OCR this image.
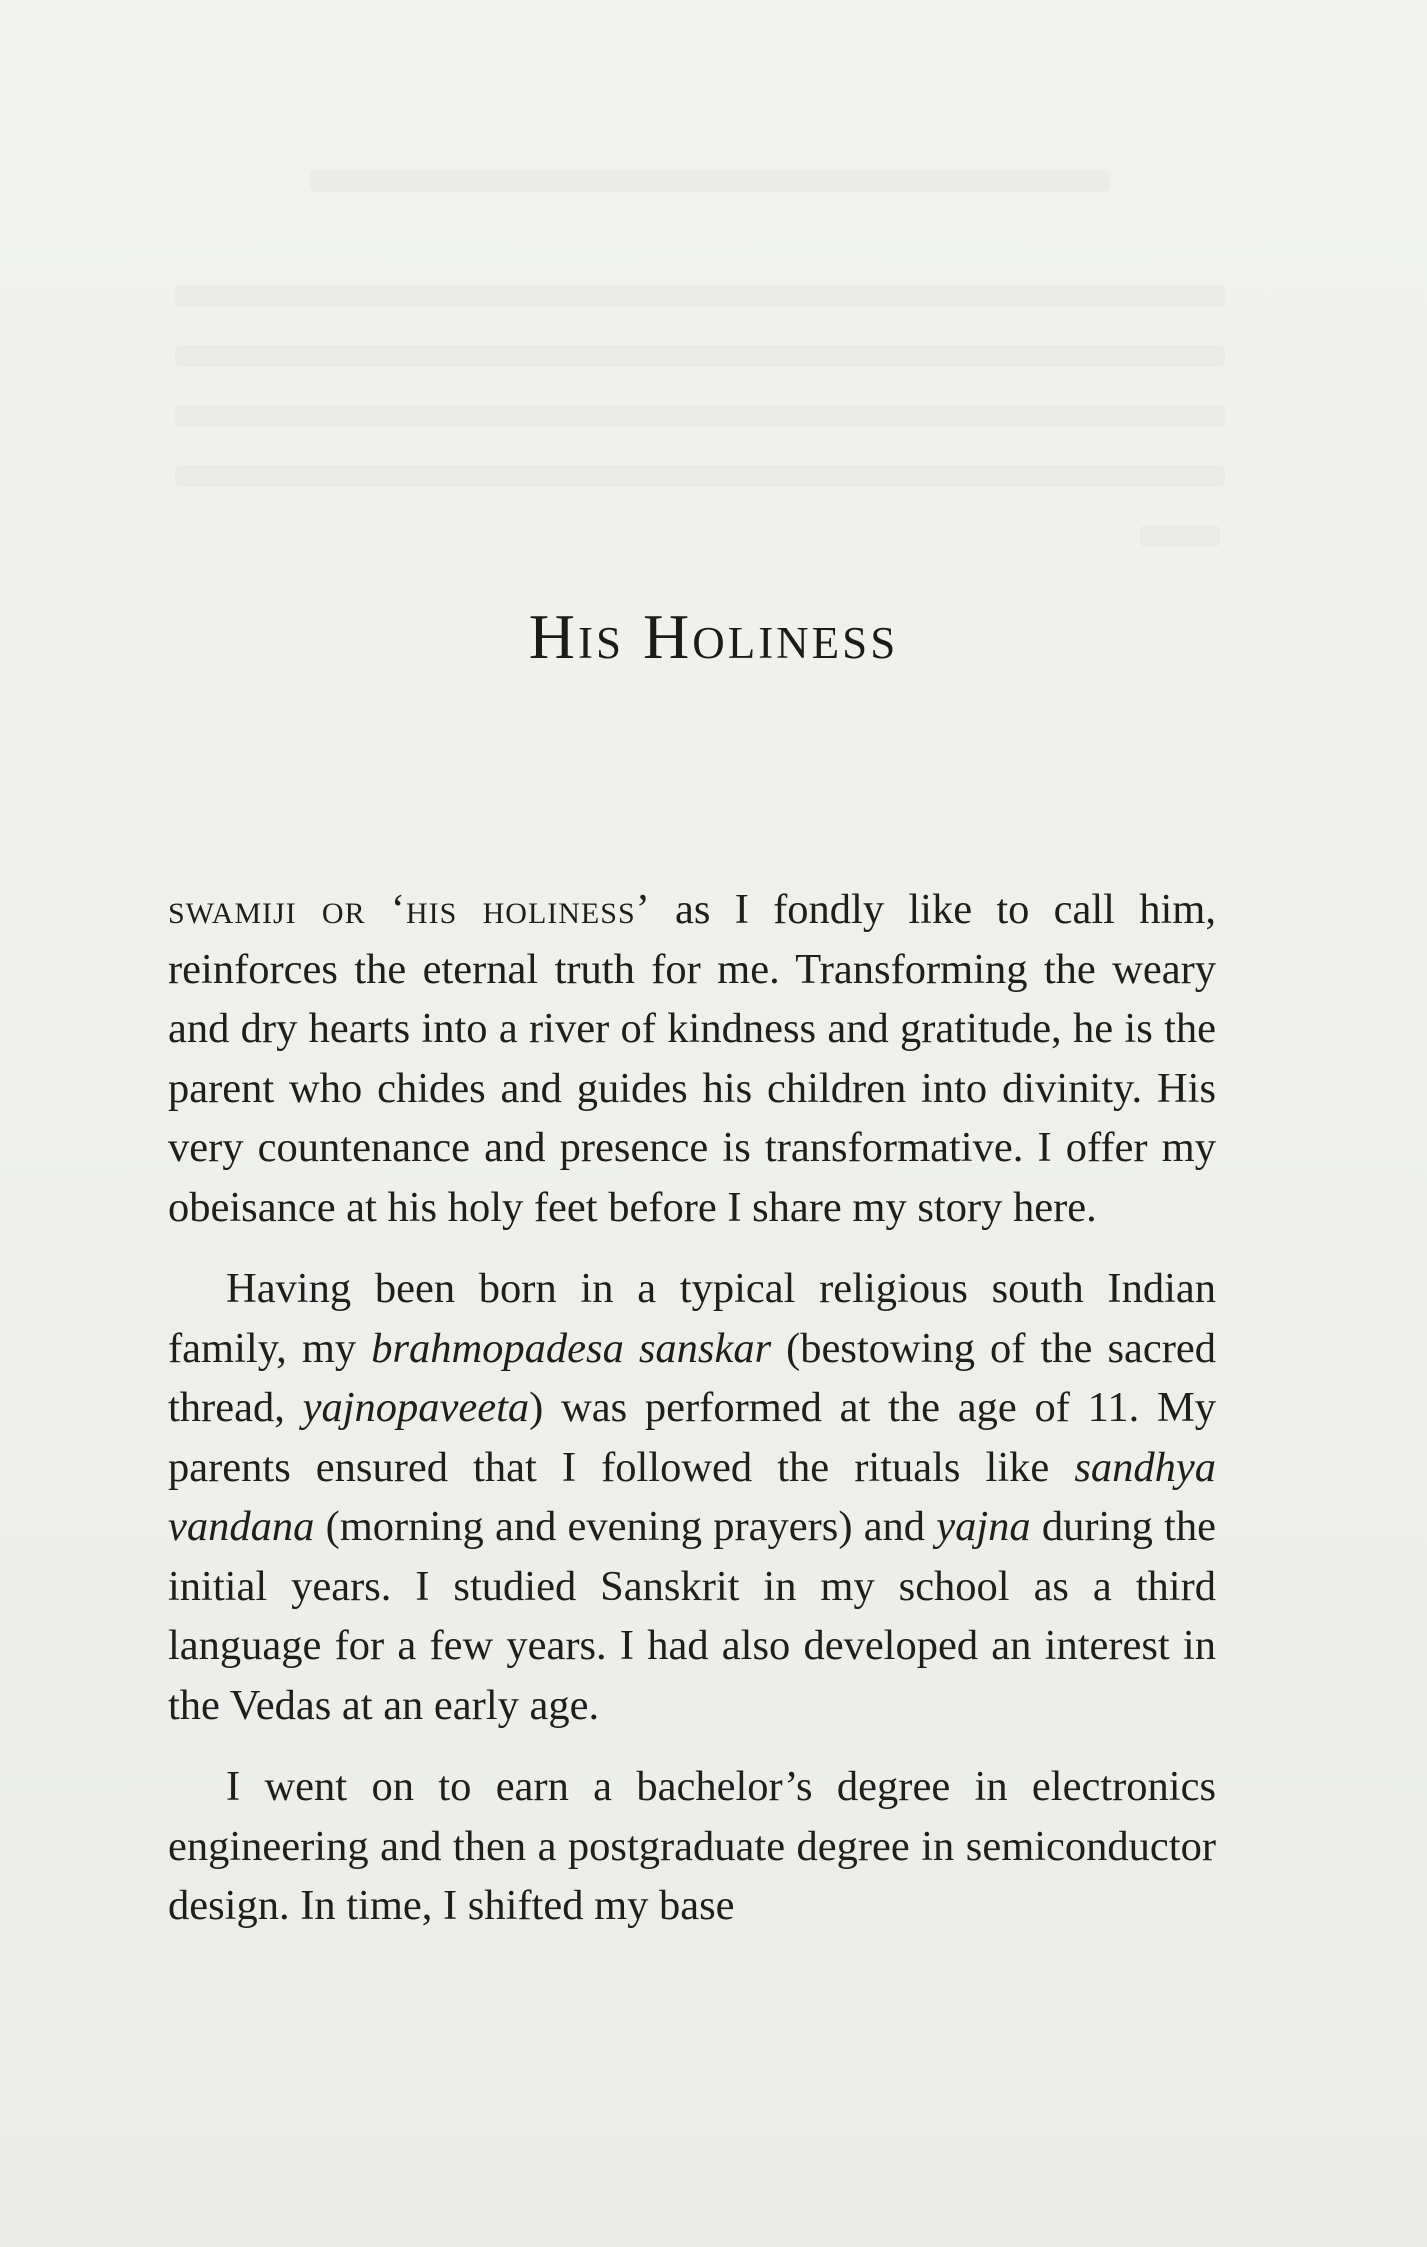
His Holiness

swamiji or ‘his holiness’ as I fondly like to call him, reinforces the eternal truth for me. Transforming the weary and dry hearts into a river of kindness and gratitude, he is the parent who chides and guides his children into divinity. His very countenance and presence is transformative. I offer my obeisance at his holy feet before I share my story here.

Having been born in a typical religious south Indian family, my brahmopadesa sanskar (bestowing of the sacred thread, yajnopaveeta) was performed at the age of 11. My parents ensured that I followed the rituals like sandhya vandana (morning and evening prayers) and yajna during the initial years. I studied Sanskrit in my school as a third language for a few years. I had also developed an interest in the Vedas at an early age.

I went on to earn a bachelor’s degree in electronics engineering and then a postgraduate degree in semiconductor design. In time, I shifted my base
